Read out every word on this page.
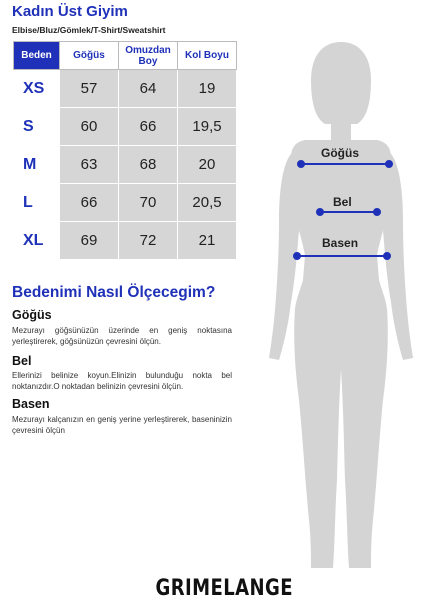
Kadın Üst Giyim
Elbise/Bluz/Gömlek/T-Shirt/Sweatshirt
Beden	Göğüs	Omuzdan Boy	Kol Boyu
XS	57	64	19
S	60	66	19,5
M	63	68	20
L	66	70	20,5
XL	69	72	21
Bedenimi Nasıl Ölçecegim?
Göğüs
Mezurayı göğsünüzün üzerinde en geniş noktasına yerleştirerek, göğsünüzün çevresini ölçün.
Bel
Ellerinizi belinize koyun.Elinizin bulunduğu nokta bel noktanızdır.O noktadan belinizin çevresini ölçün.
Basen
Mezurayı kalçanızın en geniş yerine yerleştirerek, baseninizin çevresini ölçün
Göğüs
Bel
Basen
GRIMELANGE
